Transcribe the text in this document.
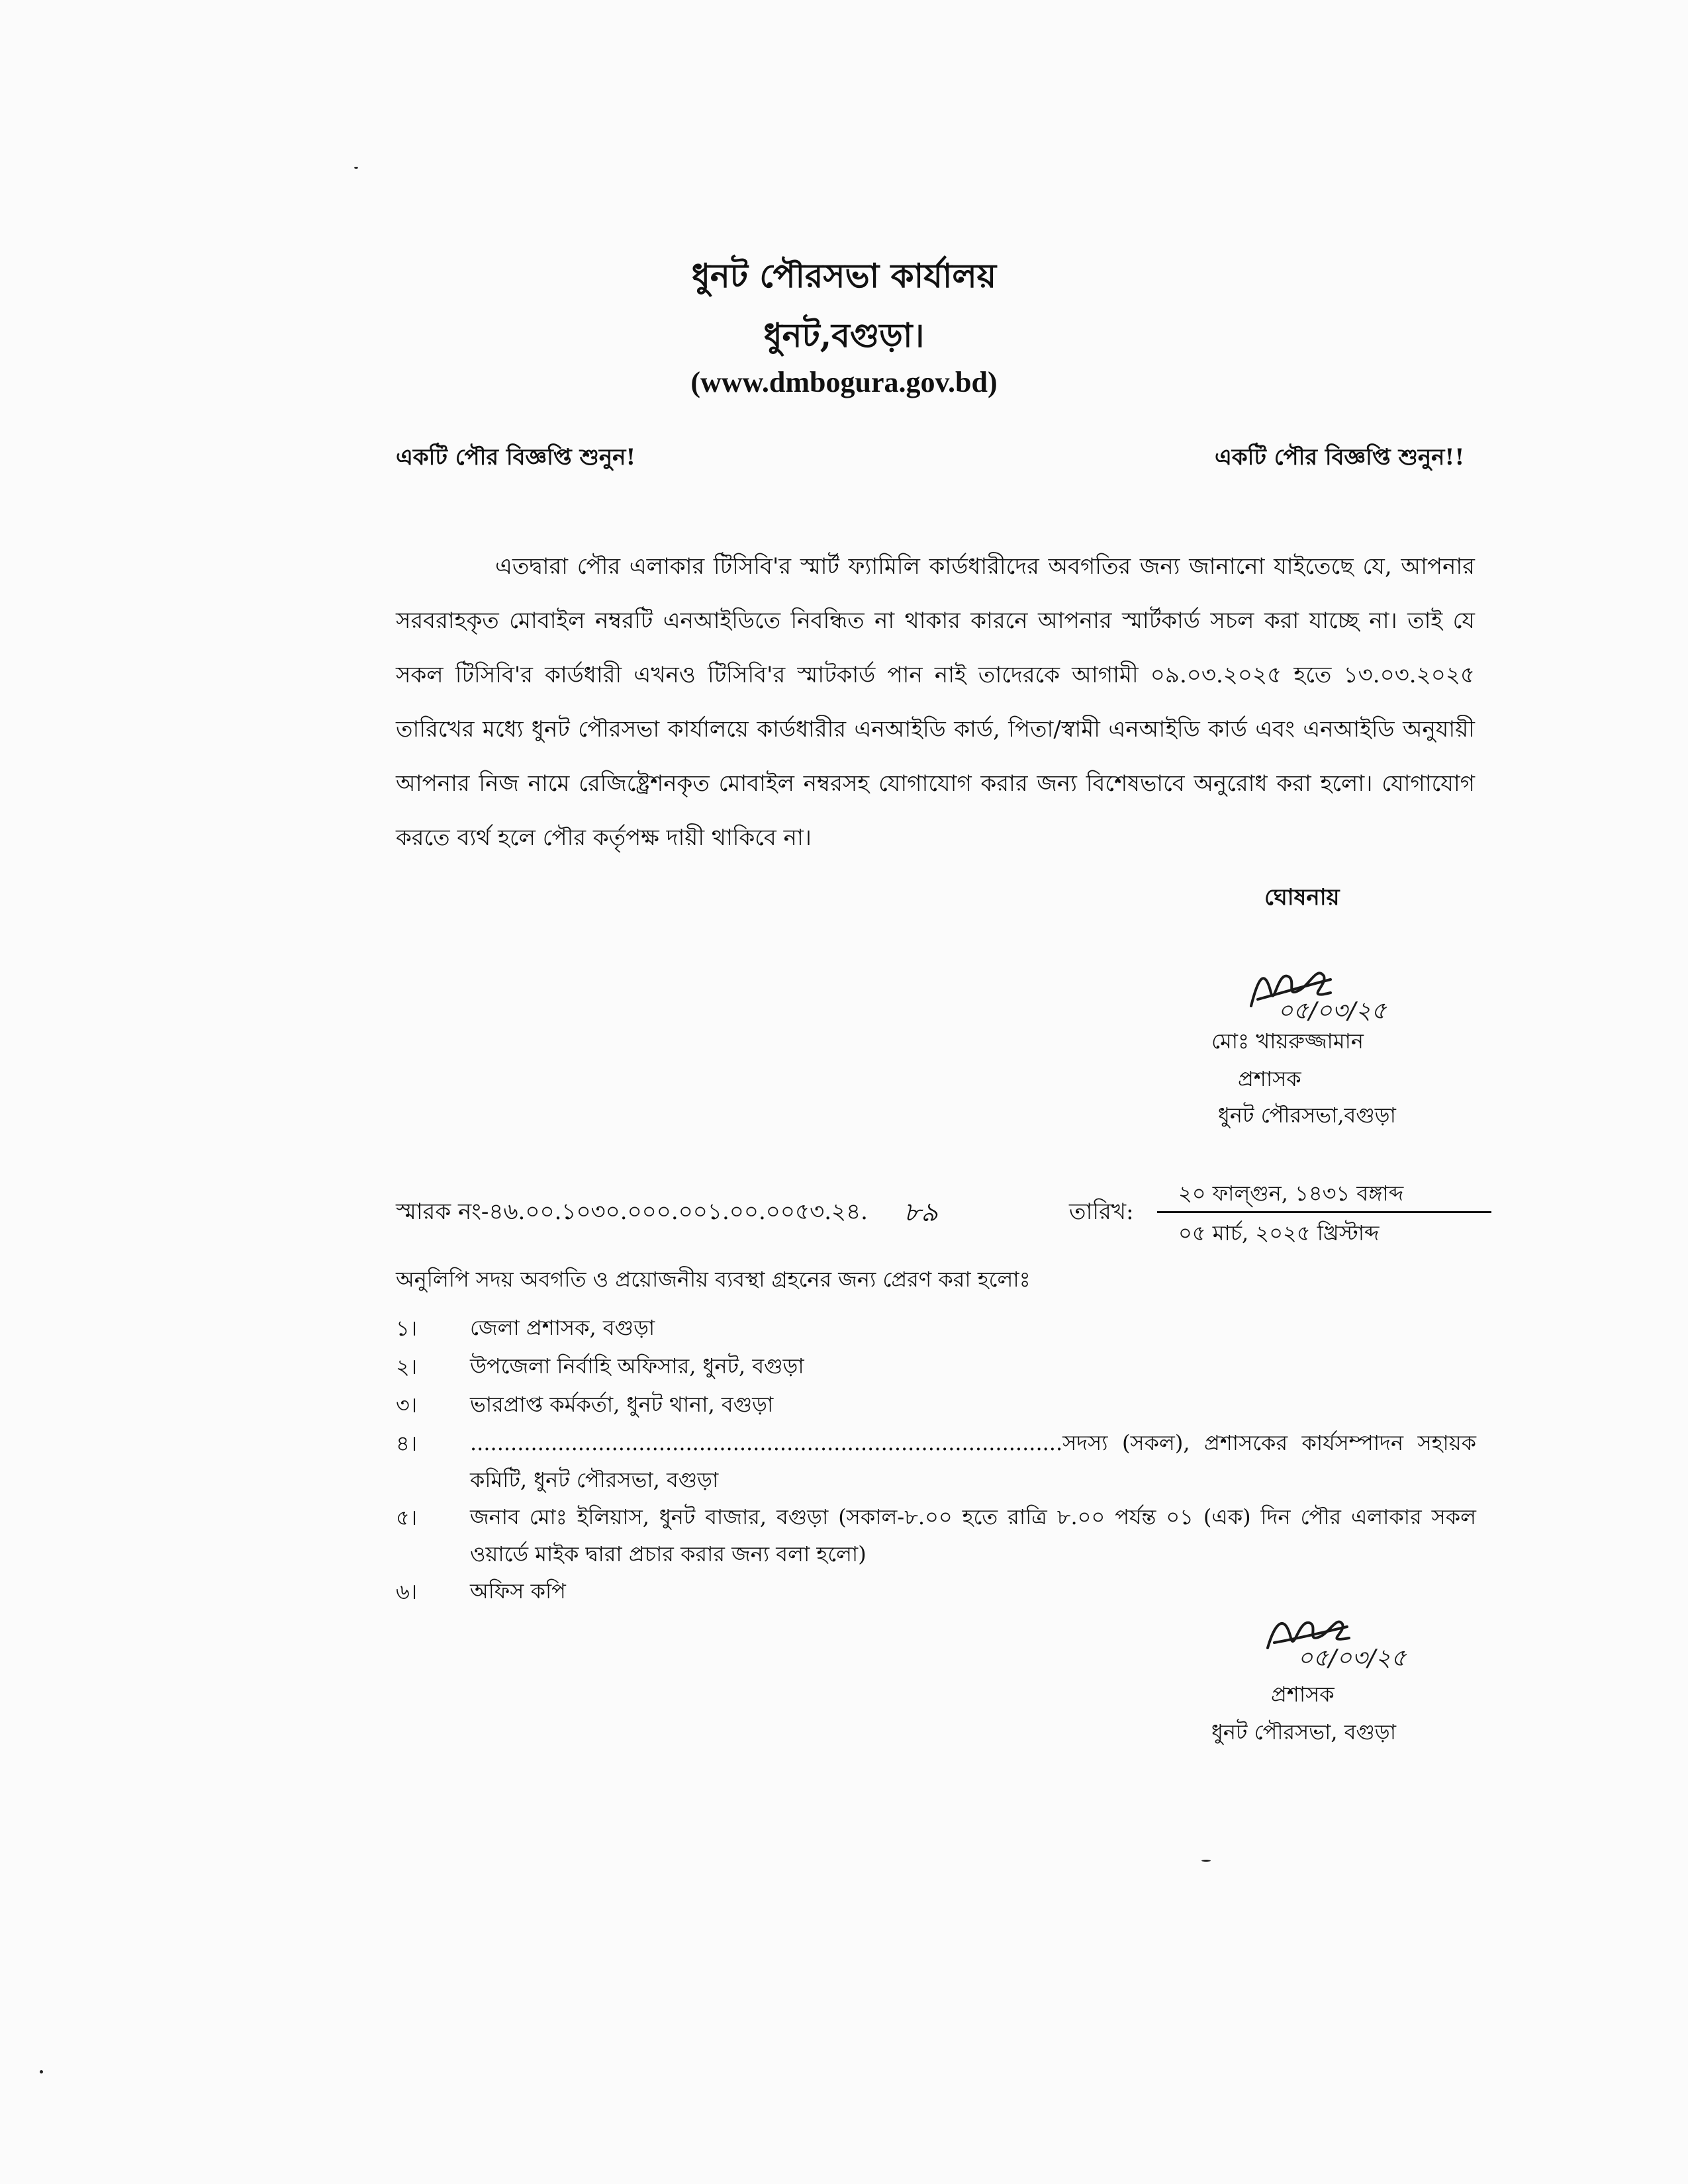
ধুনট পৌরসভা কার্যালয়
ধুনট,বগুড়া।
(www.dmbogura.gov.bd)
একটি পৌর বিজ্ঞপ্তি শুনুন!	একটি পৌর বিজ্ঞপ্তি শুনুন!!

এতদ্বারা পৌর এলাকার টিসিবি'র স্মার্ট ফ্যামিলি কার্ডধারীদের অবগতির জন্য জানানো যাইতেছে যে, আপনার সরবরাহকৃত মোবাইল নম্বরটি এনআইডিতে নিবন্ধিত না থাকার কারনে আপনার স্মার্টকার্ড সচল করা যাচ্ছে না। তাই যে সকল টিসিবি'র কার্ডধারী এখনও টিসিবি'র স্মাটকার্ড পান নাই তাদেরকে আগামী ০৯.০৩.২০২৫ হতে ১৩.০৩.২০২৫ তারিখের মধ্যে ধুনট পৌরসভা কার্যালয়ে কার্ডধারীর এনআইডি কার্ড, পিতা/স্বামী এনআইডি কার্ড এবং এনআইডি অনুযায়ী আপনার নিজ নামে রেজিষ্ট্রেশনকৃত মোবাইল নম্বরসহ যোগাযোগ করার জন্য বিশেষভাবে অনুরোধ করা হলো। যোগাযোগ করতে ব্যর্থ হলে পৌর কর্তৃপক্ষ দায়ী থাকিবে না।

ঘোষনায়
০৫/০৩/২৫
মোঃ খায়রুজ্জামান
প্রশাসক
ধুনট পৌরসভা,বগুড়া
স্মারক নং-৪৬.০০.১০৩০.০০০.০০১.০০.০০৫৩.২৪. ৮৯	তারিখ:
২০ ফাল্গুন, ১৪৩১ বঙ্গাব্দ
০৫ মার্চ, ২০২৫ খ্রিস্টাব্দ
অনুলিপি সদয় অবগতি ও প্রয়োজনীয় ব্যবস্থা গ্রহনের জন্য প্রেরণ করা হলোঃ
১। জেলা প্রশাসক, বগুড়া
২। উপজেলা নির্বাহি অফিসার, ধুনট, বগুড়া
৩। ভারপ্রাপ্ত কর্মকর্তা, ধুনট থানা, বগুড়া
৪। ........................................................................................সদস্য (সকল), প্রশাসকের কার্যসম্পাদন সহায়ক কমিটি, ধুনট পৌরসভা, বগুড়া
৫। জনাব মোঃ ইলিয়াস, ধুনট বাজার, বগুড়া (সকাল-৮.০০ হতে রাত্রি ৮.০০ পর্যন্ত ০১ (এক) দিন পৌর এলাকার সকল ওয়ার্ডে মাইক দ্বারা প্রচার করার জন্য বলা হলো)
৬। অফিস কপি
০৫/০৩/২৫
প্রশাসক
ধুনট পৌরসভা, বগুড়া
